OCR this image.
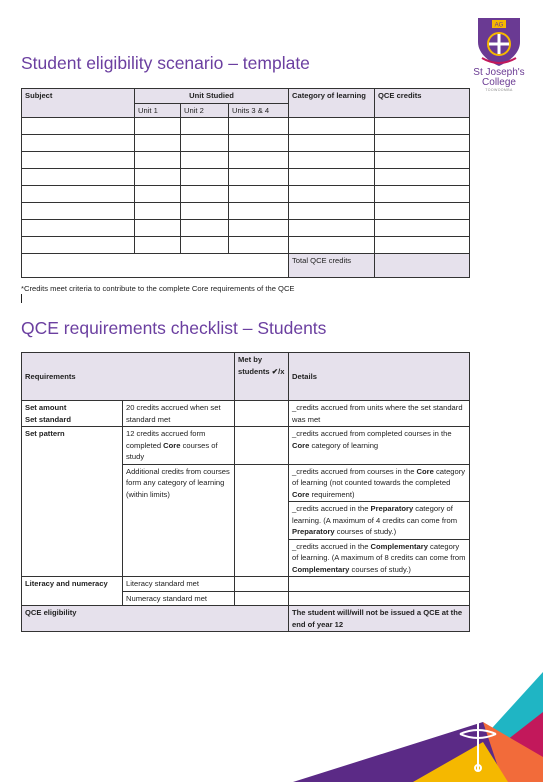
AG
St Joseph's
College
TOOWOOMBA
Student eligibility scenario – template
Subject	Unit Studied			Category of learning	QCE credits
	Unit 1	Unit 2	Units 3 & 4		

				Total QCE credits	
*Credits meet criteria to contribute to the complete Core requirements of the QCE
QCE requirements checklist – Students
Requirements		Met by students ✔/x	Details

Set amount
Set standard	20 credits accrued when set standard met		_credits accrued from units where the set standard was met
Set pattern	12 credits accrued form completed Core courses of study		_credits accrued from completed courses in the Core category of learning
	Additional credits from courses form any category of learning (within limits)		_credits accrued from courses in the Core category of learning (not counted towards the completed Core requirement)
			_credits accrued in the Preparatory category of learning. (A maximum of 4 credits can come from Preparatory courses of study.)
			_credits accrued in the Complementary category of learning. (A maximum of 8 credits can come from Complementary courses of study.)
Literacy and numeracy	Literacy standard met		
	Numeracy standard met		
QCE eligibility			The student will/will not be issued a QCE at the end of year 12
